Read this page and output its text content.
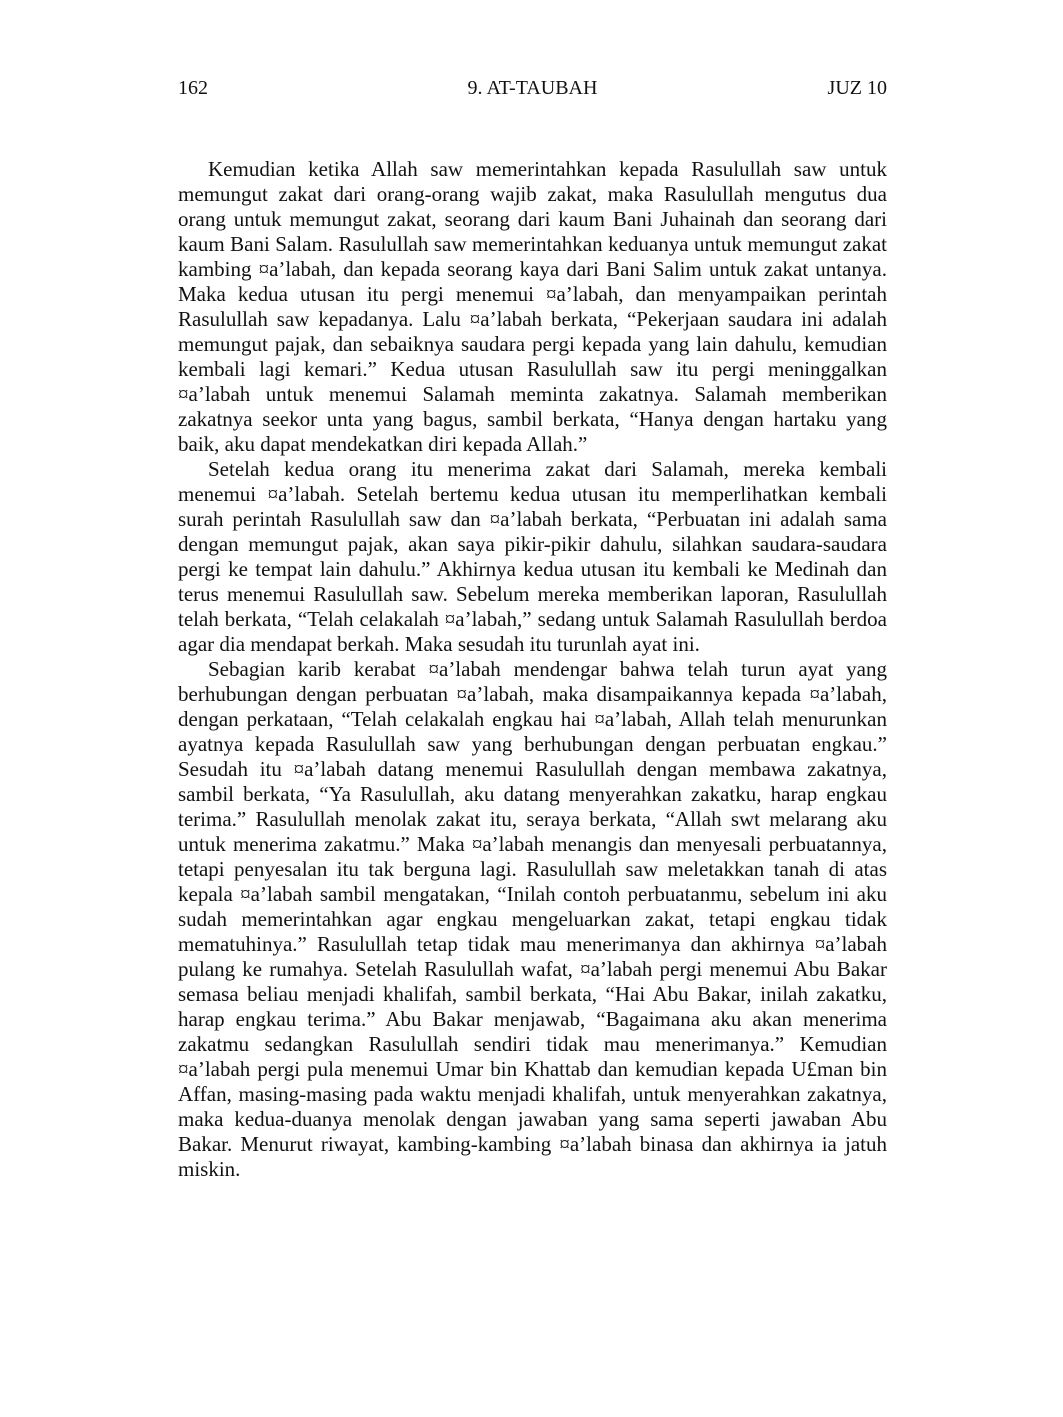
162	9. AT-TAUBAH	JUZ 10

Kemudian ketika Allah saw memerintahkan kepada Rasulullah saw untuk memungut zakat dari orang-orang wajib zakat, maka Rasulullah mengutus dua orang untuk memungut zakat, seorang dari kaum Bani Juhainah dan seorang dari kaum Bani Salam. Rasulullah saw memerintahkan keduanya untuk memungut zakat kambing ¤a’labah, dan kepada seorang kaya dari Bani Salim untuk zakat untanya. Maka kedua utusan itu pergi menemui ¤a’labah, dan menyampaikan perintah Rasulullah saw kepadanya. Lalu ¤a’labah berkata, “Pekerjaan saudara ini adalah memungut pajak, dan sebaiknya saudara pergi kepada yang lain dahulu, kemudian kembali lagi kemari.” Kedua utusan Rasulullah saw itu pergi meninggalkan ¤a’labah untuk menemui Salamah meminta zakatnya. Salamah memberikan zakatnya seekor unta yang bagus, sambil berkata, “Hanya dengan hartaku yang baik, aku dapat mendekatkan diri kepada Allah.”

Setelah kedua orang itu menerima zakat dari Salamah, mereka kembali menemui ¤a’labah. Setelah bertemu kedua utusan itu memperlihatkan kembali surah perintah Rasulullah saw dan ¤a’labah berkata, “Perbuatan ini adalah sama dengan memungut pajak, akan saya pikir-pikir dahulu, silahkan saudara-saudara pergi ke tempat lain dahulu.” Akhirnya kedua utusan itu kembali ke Medinah dan terus menemui Rasulullah saw. Sebelum mereka memberikan laporan, Rasulullah telah berkata, “Telah celakalah ¤a’labah,” sedang untuk Salamah Rasulullah berdoa agar dia mendapat berkah. Maka sesudah itu turunlah ayat ini.

Sebagian karib kerabat ¤a’labah mendengar bahwa telah turun ayat yang berhubungan dengan perbuatan ¤a’labah, maka disampaikannya kepada ¤a’labah, dengan perkataan, “Telah celakalah engkau hai ¤a’labah, Allah telah menurunkan ayatnya kepada Rasulullah saw yang berhubungan dengan perbuatan engkau.” Sesudah itu ¤a’labah datang menemui Rasulullah dengan membawa zakatnya, sambil berkata, “Ya Rasulullah, aku datang menyerahkan zakatku, harap engkau terima.” Rasulullah menolak zakat itu, seraya berkata, “Allah swt melarang aku untuk menerima zakatmu.” Maka ¤a’labah menangis dan menyesali perbuatannya, tetapi penyesalan itu tak berguna lagi. Rasulullah saw meletakkan tanah di atas kepala ¤a’labah sambil mengatakan, “Inilah contoh perbuatanmu, sebelum ini aku sudah memerintahkan agar engkau mengeluarkan zakat, tetapi engkau tidak mematuhinya.” Rasulullah tetap tidak mau menerimanya dan akhirnya ¤a’labah pulang ke rumahya. Setelah Rasulullah wafat, ¤a’labah pergi menemui Abu Bakar semasa beliau menjadi khalifah, sambil berkata, “Hai Abu Bakar, inilah zakatku, harap engkau terima.” Abu Bakar menjawab, “Bagaimana aku akan menerima zakatmu sedangkan Rasulullah sendiri tidak mau menerimanya.” Kemudian ¤a’labah pergi pula menemui Umar bin Khattab dan kemudian kepada U£man bin Affan, masing-masing pada waktu menjadi khalifah, untuk menyerahkan zakatnya, maka kedua-duanya menolak dengan jawaban yang sama seperti jawaban Abu Bakar. Menurut riwayat, kambing-kambing ¤a’labah binasa dan akhirnya ia jatuh miskin.
